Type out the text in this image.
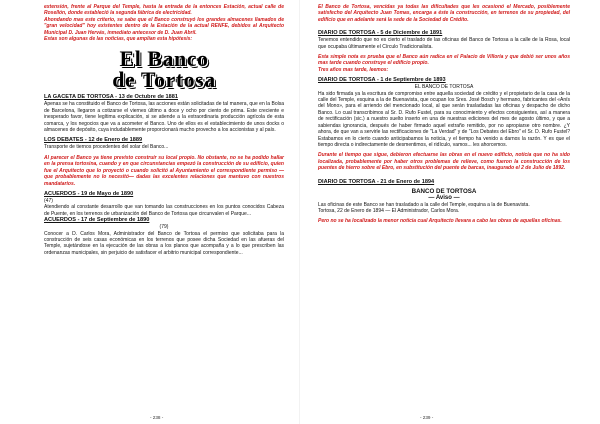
extensión, frente al Parque del Temple, hasta la entrada de la entonces Estación, actual calle de Rosellón, donde estableció la segunda fábrica de electricidad.

Ahondando mas este criterio, se sabe que el Banco construyó los grandes almacenes llamados de "gran velocidad" hoy existentes dentro de la Estación de la actual RENFE, debidos al Arquitecto Municipal D. Juan Hervás, inmediato antecesor de D. Juan Abril.

Estas son algunas de las noticias, que amplían esta hipótesis:

El Banco
de Tortosa
LA GACETA DE TORTOSA - 13 de Octubre de 1881

Apenas se ha constituido el Banco de Tortosa, las acciones están solicitadas de tal manera, que en la Bolsa de Barcelona, llegaron a cotizarse el viernes último a doce y ocho por ciento de prima. Este creciente e inesperado favor, tiene legítima explicación, si se atiende a la extraordinaria producción agrícola de esta comarca, y los negocios que va a acometer el Banco. Uno de ellos es el establecimiento de unos docks o almacenes de depósito, cuya indudablemente proporcionará mucho provecho a los accionistas y al país.

LOS DEBATES - 12 de Enero de 1889

Transporte de tiernos procedentes del solar del Banco...

Al parecer el Banco ya tiene previsto construir su local propio. No obstante, no se ha podido hallar en la prensa tortosina, cuando y en que circunstancias empezó la construcción de su edificio, quien fue el Arquitecto que lo proyectó o cuando solicitó al Ayuntamiento el correspondiente permiso —que probablemente no lo necesitó— dadas las excelentes relaciones que mantuvo con nuestros mandatarios.

ACUERDOS - 19 de Mayo de 1890

(47)

Atendiendo al constante desarrollo que van tomando las construcciones en los puntos conocidos Cabeza de Puente, en los terrenos de urbanización del Banco de Tortosa que circunvalen el Parque...

ACUERDOS - 17 de Septiembre de 1890

(79)

Conocer a D. Carlos Mora, Administrador del Banco de Tortosa el permiso que solicitaba para la construcción de seis casas económicas en los terrenos que posee dicha Sociedad en las afueras del Temple, sujetándose en la ejecución de las obras a los planos que acompaña y a lo que prescriben las ordenanzas municipales, sin perjuicio de satisfacer el arbitrio municipal correspondiente...

- 238 -

El Banco de Tortosa, vencidas ya todas las dificultades que les ocasionó el Mercado, posiblemente satisfecho del Arquitecto Juan Tomas, encarga a éste la construcción, en terrenos de su propiedad, del edificio que en adelante será la sede de la Sociedad de Crédito.

DIARIO DE TORTOSA - 5 de Diciembre de 1891

Tenemos entendido que no es cierto el traslado de las oficinas del Banco de Tortosa a la calle de la Rosa, local que ocupaba últimamente el Círculo Tradicionalista.

Esta simple nota es prueba que el Banco aún radica en el Palacio de Villoria y que debió ser unos años mas tarde cuando construye el edificio propio.

Tres años mas tarde, leemos:

DIARIO DE TORTOSA - 1 de Septiembre de 1893

EL BANCO DE TORTOSA

Ha sido firmada ya la escritura de compromiso entre aquella sociedad de crédito y el propietario de la casa de la calle del Temple, esquina a la de Buenavista, que ocupan los Sres. José Bosch y hermano, fabricantes del «Anís del Mono», para el arriendo del mencionado local, al que serán trasladadas las oficinas y despacho de dicho Banco. Lo cual transcribimos al Sr. D. Rufo Fustel, para su conocimiento y efectos consiguientes, así a manera de rectificación (sic.) a nuestro suelto inserto en una de nuestras ediciones del mes de agosto último, y que a sabiendas ignorancia, después de haber firmado aquel extraño remitido, por no apropiarse otro nombre. ¿Y ahora, de que van a servirle las rectificaciones de "La Verdad" y de "Los Debates del Ebro" el Sr. D. Rufo Fustel? Estabamos en lo cierto cuando anticipabamos la noticia, y el tiempo ha venido a darnos la razón. Y es que el tiempo directa o indirectamente de desmentimos, el ridículo, vamos... les ahorcemos.

Durante el tiempo que sigue, debieron efectuarse las obras en el nuevo edificio, noticia que no ha sido localizada, probablemente por haber otros problemas de relieve, como fueron la construcción de los puentes de hierro sobre el Ebro, en substitución del puente de barcas, inaugurado el 2 de Julio de 1892.

DIARIO DE TORTOSA - 21 de Enero de 1894
BANCO DE TORTOSA
— Aviso —

Las oficinas de este Banco se han trasladado a la calle del Temple, esquina a la de Buenavista.

Tortosa, 22 de Enero de 1894 — El Administrador, Carlos Mora.

Pero no se ha localizado la menor noticia cual Arquitecto llevara a cabo las obras de aquellas oficinas.

- 239 -
